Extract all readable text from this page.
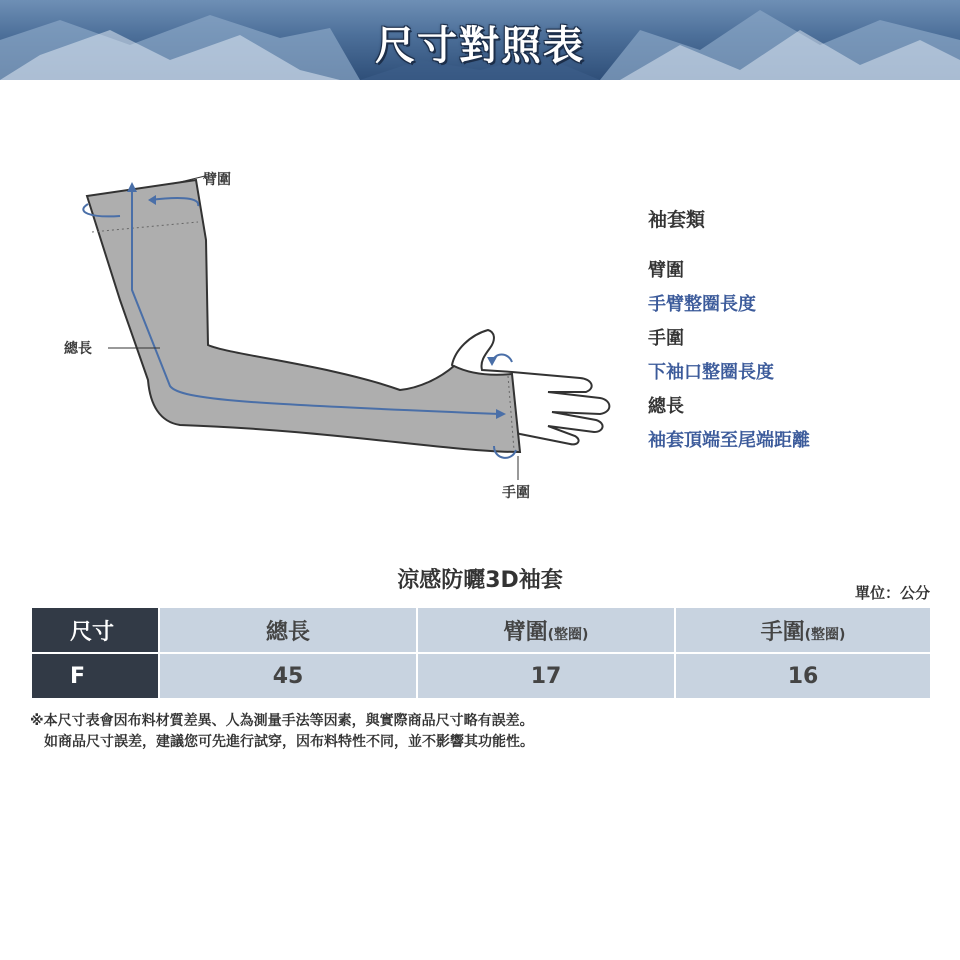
尺寸對照表
臂圍
總長
手圍
袖套類
臂圍
手臂整圈長度
手圍
下袖口整圈長度
總長
袖套頂端至尾端距離
涼感防曬3D袖套	單位：公分
尺寸	總長	臂圍(整圈)	手圍(整圈)
F	45	17	16
※本尺寸表會因布料材質差異、人為測量手法等因素，與實際商品尺寸略有誤差。
如商品尺寸誤差，建議您可先進行試穿，因布料特性不同，並不影響其功能性。
